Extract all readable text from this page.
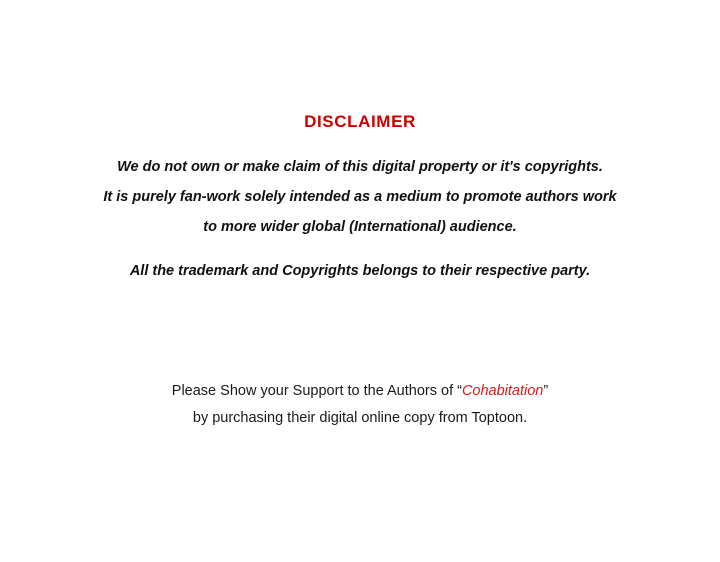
DISCLAIMER

We do not own or make claim of this digital property or it's copyrights.

It is purely fan-work solely intended as a medium to promote authors work

to more wider global (International) audience.

All the trademark and Copyrights belongs to their respective party.

Please Show your Support to the Authors of “Cohabitation”

by purchasing their digital online copy from Toptoon.
